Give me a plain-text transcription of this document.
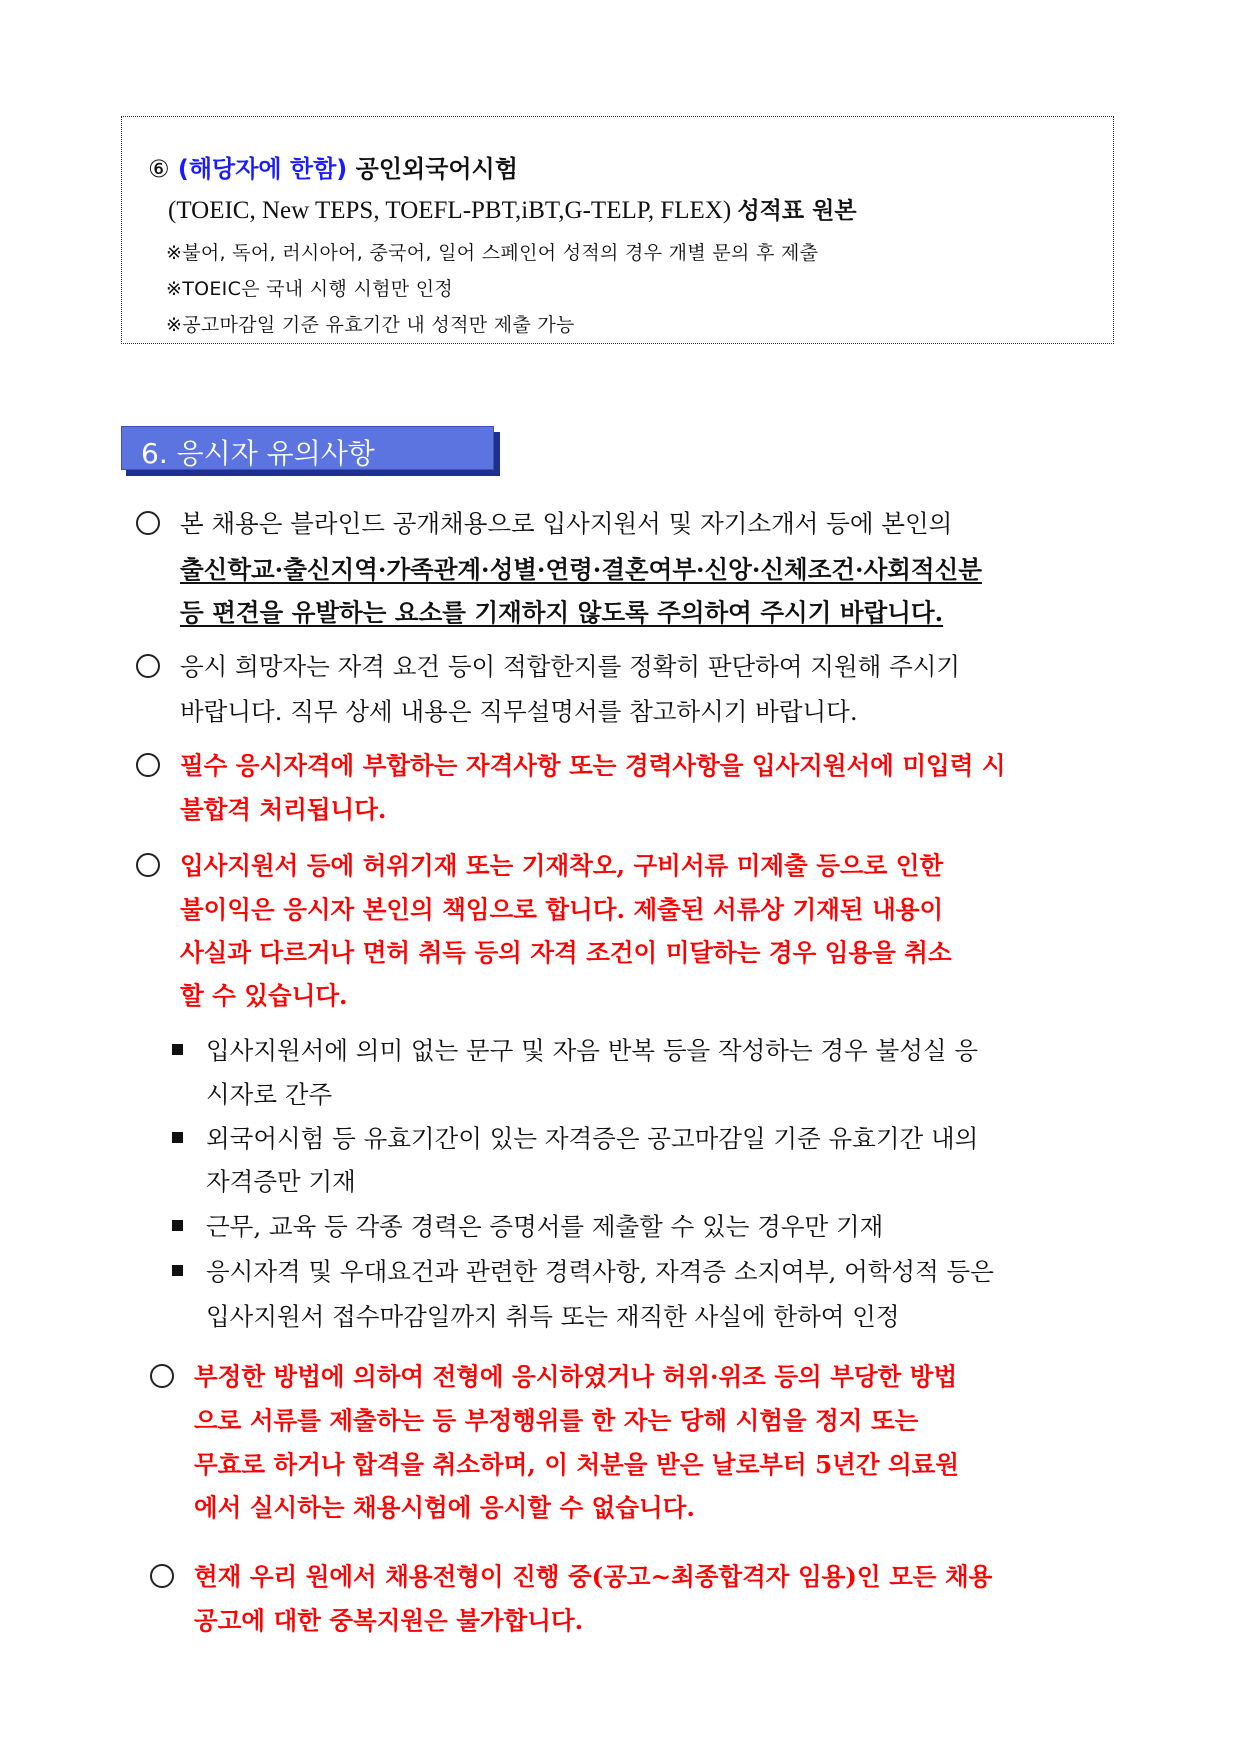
⑥ (해당자에 한함) 공인외국어시험
(TOEIC, New TEPS, TOEFL-PBT,iBT,G-TELP, FLEX) 성적표 원본
※불어, 독어, 러시아어, 중국어, 일어 스페인어 성적의 경우 개별 문의 후 제출
※TOEIC은 국내 시행 시험만 인정
※공고마감일 기준 유효기간 내 성적만 제출 가능
6. 응시자 유의사항
본 채용은 블라인드 공개채용으로 입사지원서 및 자기소개서 등에 본인의
출신학교·출신지역·가족관계·성별·연령·결혼여부·신앙·신체조건·사회적신분
등 편견을 유발하는 요소를 기재하지 않도록 주의하여 주시기 바랍니다.
응시 희망자는 자격 요건 등이 적합한지를 정확히 판단하여 지원해 주시기
바랍니다. 직무 상세 내용은 직무설명서를 참고하시기 바랍니다.
필수 응시자격에 부합하는 자격사항 또는 경력사항을 입사지원서에 미입력 시
불합격 처리됩니다.
입사지원서 등에 허위기재 또는 기재착오, 구비서류 미제출 등으로 인한
불이익은 응시자 본인의 책임으로 합니다. 제출된 서류상 기재된 내용이
사실과 다르거나 면허 취득 등의 자격 조건이 미달하는 경우 임용을 취소
할 수 있습니다.
입사지원서에 의미 없는 문구 및 자음 반복 등을 작성하는 경우 불성실 응
시자로 간주
외국어시험 등 유효기간이 있는 자격증은 공고마감일 기준 유효기간 내의
자격증만 기재
근무, 교육 등 각종 경력은 증명서를 제출할 수 있는 경우만 기재
응시자격 및 우대요건과 관련한 경력사항, 자격증 소지여부, 어학성적 등은
입사지원서 접수마감일까지 취득 또는 재직한 사실에 한하여 인정
부정한 방법에 의하여 전형에 응시하였거나 허위·위조 등의 부당한 방법
으로 서류를 제출하는 등 부정행위를 한 자는 당해 시험을 정지 또는
무효로 하거나 합격을 취소하며, 이 처분을 받은 날로부터 5년간 의료원
에서 실시하는 채용시험에 응시할 수 없습니다.
현재 우리 원에서 채용전형이 진행 중(공고~최종합격자 임용)인 모든 채용
공고에 대한 중복지원은 불가합니다.
